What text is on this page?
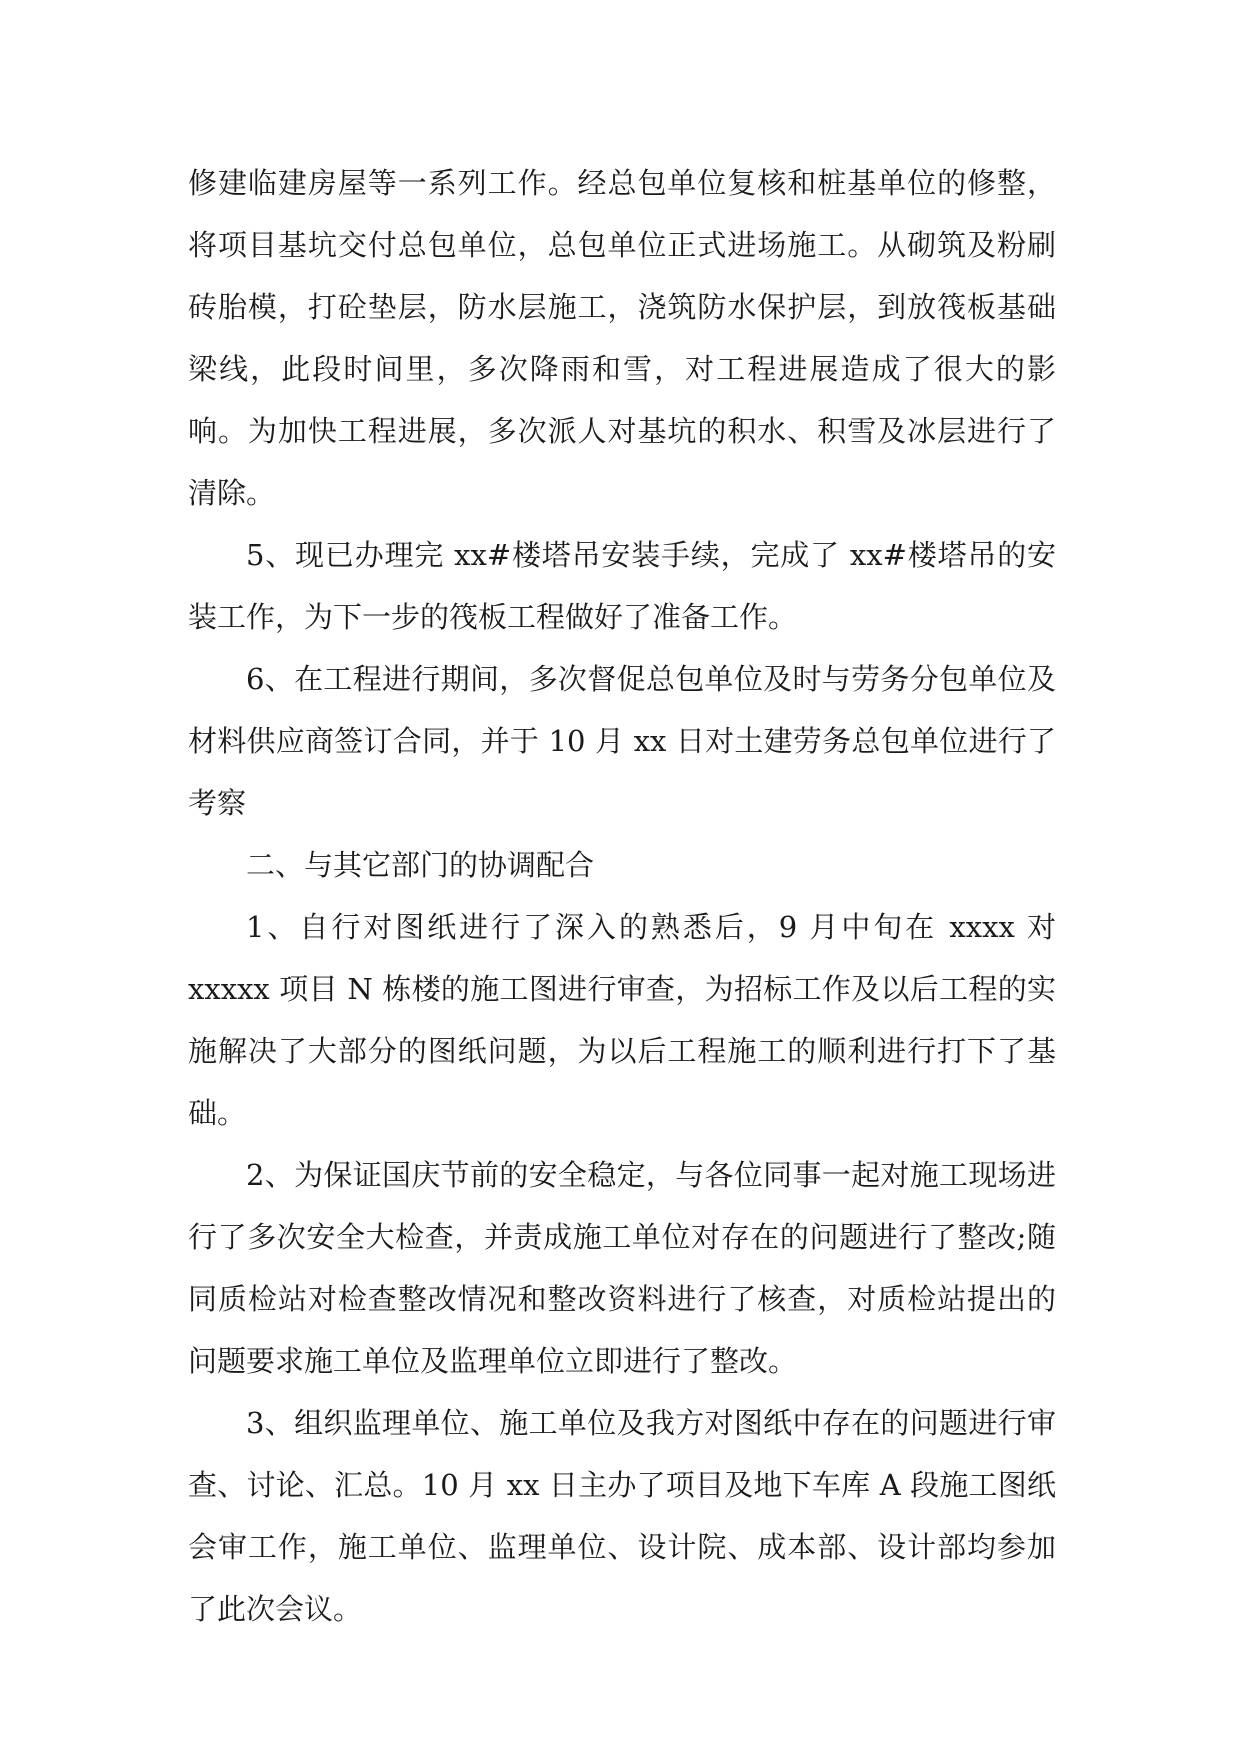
修建临建房屋等一系列工作。经总包单位复核和桩基单位的修整，将项目基坑交付总包单位，总包单位正式进场施工。从砌筑及粉刷砖胎模，打砼垫层，防水层施工，浇筑防水保护层，到放筏板基础梁线，此段时间里，多次降雨和雪，对工程进展造成了很大的影响。为加快工程进展，多次派人对基坑的积水、积雪及冰层进行了清除。

5、现已办理完 xx#楼塔吊安装手续，完成了 xx#楼塔吊的安装工作，为下一步的筏板工程做好了准备工作。

6、在工程进行期间，多次督促总包单位及时与劳务分包单位及材料供应商签订合同，并于 10 月 xx 日对土建劳务总包单位进行了考察

二、与其它部门的协调配合

1、自行对图纸进行了深入的熟悉后，9 月中旬在 xxxx 对 xxxxx 项目 N 栋楼的施工图进行审查，为招标工作及以后工程的实施解决了大部分的图纸问题，为以后工程施工的顺利进行打下了基础。

2、为保证国庆节前的安全稳定，与各位同事一起对施工现场进行了多次安全大检查，并责成施工单位对存在的问题进行了整改;随同质检站对检查整改情况和整改资料进行了核查，对质检站提出的问题要求施工单位及监理单位立即进行了整改。

3、组织监理单位、施工单位及我方对图纸中存在的问题进行审查、讨论、汇总。10 月 xx 日主办了项目及地下车库 A 段施工图纸会审工作，施工单位、监理单位、设计院、成本部、设计部均参加了此次会议。
